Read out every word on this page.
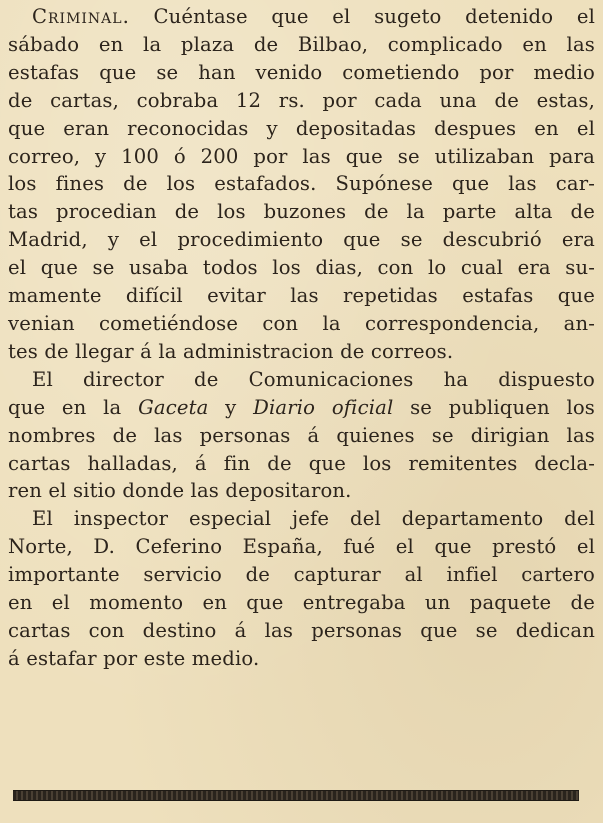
Criminal. Cuéntase que el sugeto detenido el
sábado en la plaza de Bilbao, complicado en las
estafas que se han venido cometiendo por medio
de cartas, cobraba 12 rs. por cada una de estas,
que eran reconocidas y depositadas despues en el
correo, y 100 ó 200 por las que se utilizaban para
los fines de los estafados. Supónese que las car-
tas procedian de los buzones de la parte alta de
Madrid, y el procedimiento que se descubrió era
el que se usaba todos los dias, con lo cual era su-
mamente difícil evitar las repetidas estafas que
venian cometiéndose con la correspondencia, an-
tes de llegar á la administracion de correos.

El director de Comunicaciones ha dispuesto
que en la Gaceta y Diario oficial se publiquen los
nombres de las personas á quienes se dirigian las
cartas halladas, á fin de que los remitentes decla-
ren el sitio donde las depositaron.

El inspector especial jefe del departamento del
Norte, D. Ceferino España, fué el que prestó el
importante servicio de capturar al infiel cartero
en el momento en que entregaba un paquete de
cartas con destino á las personas que se dedican
á estafar por este medio.
